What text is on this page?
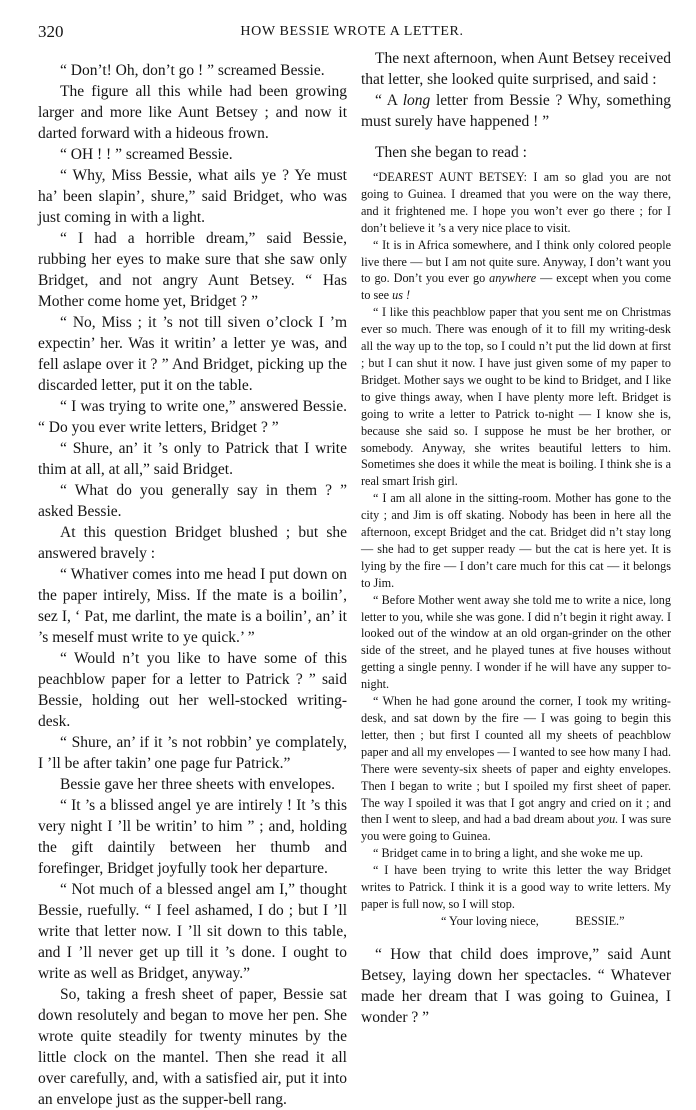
320	HOW BESSIE WROTE A LETTER.

“ Don’t! Oh, don’t go ! ” screamed Bessie.

The figure all this while had been growing larger and more like Aunt Betsey ; and now it darted forward with a hideous frown.

“ OH ! ! ” screamed Bessie.

“ Why, Miss Bessie, what ails ye ? Ye must ha’ been slapin’, shure,” said Bridget, who was just coming in with a light.

“ I had a horrible dream,” said Bessie, rubbing her eyes to make sure that she saw only Bridget, and not angry Aunt Betsey. “ Has Mother come home yet, Bridget ? ”

“ No, Miss ; it ’s not till siven o’clock I ’m expectin’ her. Was it writin’ a letter ye was, and fell aslape over it ? ” And Bridget, picking up the discarded letter, put it on the table.

“ I was trying to write one,” answered Bessie. “ Do you ever write letters, Bridget ? ”

“ Shure, an’ it ’s only to Patrick that I write thim at all, at all,” said Bridget.

“ What do you generally say in them ? ” asked Bessie.

At this question Bridget blushed ; but she answered bravely :

“ Whativer comes into me head I put down on the paper intirely, Miss. If the mate is a boilin’, sez I, ‘ Pat, me darlint, the mate is a boilin’, an’ it ’s meself must write to ye quick.’ ”

“ Would n’t you like to have some of this peachblow paper for a letter to Patrick ? ” said Bessie, holding out her well-stocked writing-desk.

“ Shure, an’ if it ’s not robbin’ ye complately, I ’ll be after takin’ one page fur Patrick.”

Bessie gave her three sheets with envelopes.

“ It ’s a blissed angel ye are intirely ! It ’s this very night I ’ll be writin’ to him ” ; and, holding the gift daintily between her thumb and forefinger, Bridget joyfully took her departure.

“ Not much of a blessed angel am I,” thought Bessie, ruefully. “ I feel ashamed, I do ; but I ’ll write that letter now. I ’ll sit down to this table, and I ’ll never get up till it ’s done. I ought to write as well as Bridget, anyway.”

So, taking a fresh sheet of paper, Bessie sat down resolutely and began to move her pen. She wrote quite steadily for twenty minutes by the little clock on the mantel. Then she read it all over carefully, and, with a satisfied air, put it into an envelope just as the supper-bell rang.

The next afternoon, when Aunt Betsey received that letter, she looked quite surprised, and said :

“ A long letter from Bessie ? Why, something must surely have happened ! ”

Then she began to read :

“DEAREST AUNT BETSEY: I am so glad you are not going to Guinea. I dreamed that you were on the way there, and it frightened me. I hope you won’t ever go there ; for I don’t believe it ’s a very nice place to visit.

“ It is in Africa somewhere, and I think only colored people live there — but I am not quite sure. Anyway, I don’t want you to go. Don’t you ever go anywhere — except when you come to see us !

“ I like this peachblow paper that you sent me on Christmas ever so much. There was enough of it to fill my writing-desk all the way up to the top, so I could n’t put the lid down at first ; but I can shut it now. I have just given some of my paper to Bridget. Mother says we ought to be kind to Bridget, and I like to give things away, when I have plenty more left. Bridget is going to write a letter to Patrick to-night — I know she is, because she said so. I suppose he must be her brother, or somebody. Anyway, she writes beautiful letters to him. Sometimes she does it while the meat is boiling. I think she is a real smart Irish girl.

“ I am all alone in the sitting-room. Mother has gone to the city ; and Jim is off skating. Nobody has been in here all the afternoon, except Bridget and the cat. Bridget did n’t stay long — she had to get supper ready — but the cat is here yet. It is lying by the fire — I don’t care much for this cat — it belongs to Jim.

“ Before Mother went away she told me to write a nice, long letter to you, while she was gone. I did n’t begin it right away. I looked out of the window at an old organ-grinder on the other side of the street, and he played tunes at five houses without getting a single penny. I wonder if he will have any supper to-night.

“ When he had gone around the corner, I took my writing-desk, and sat down by the fire — I was going to begin this letter, then ; but first I counted all my sheets of peachblow paper and all my envelopes — I wanted to see how many I had. There were seventy-six sheets of paper and eighty envelopes. Then I began to write ; but I spoiled my first sheet of paper. The way I spoiled it was that I got angry and cried on it ; and then I went to sleep, and had a bad dream about you. I was sure you were going to Guinea.

“ Bridget came in to bring a light, and she woke me up.

“ I have been trying to write this letter the way Bridget writes to Patrick. I think it is a good way to write letters. My paper is full now, so I will stop.

“ Your loving niece,	BESSIE.”

“ How that child does improve,” said Aunt Betsey, laying down her spectacles. “ Whatever made her dream that I was going to Guinea, I wonder ? ”
